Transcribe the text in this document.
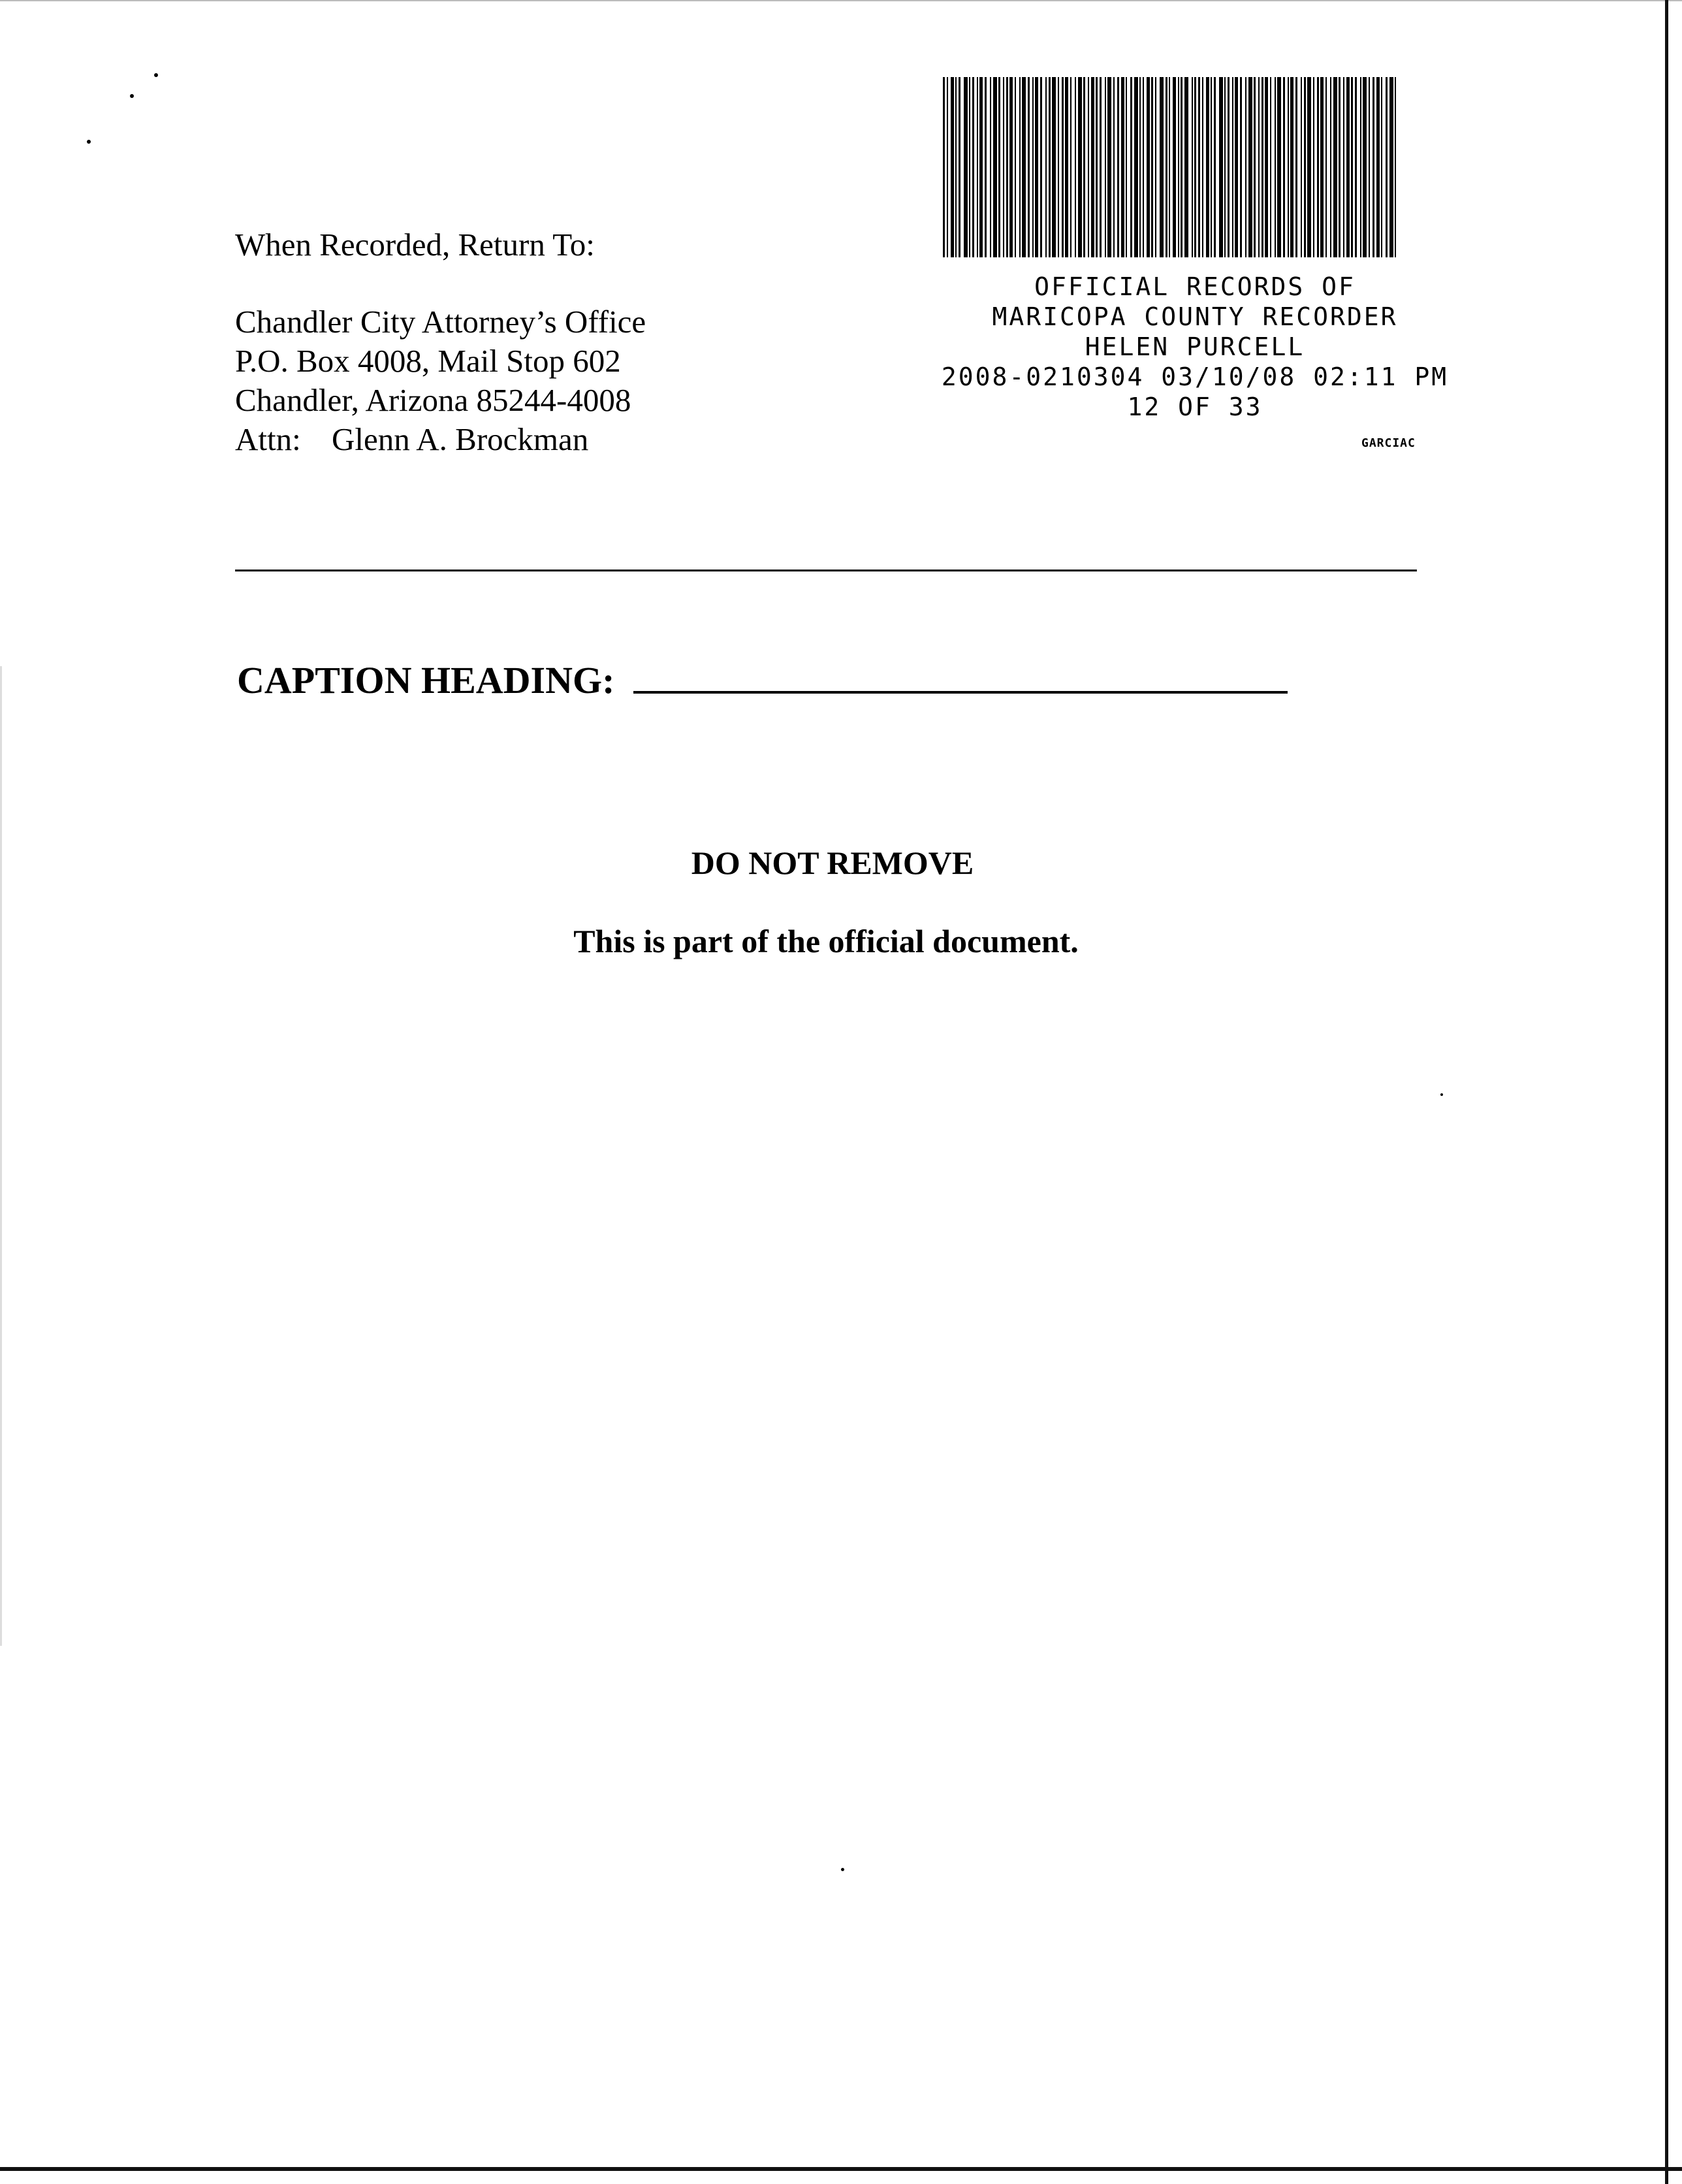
When Recorded, Return To:
Chandler City Attorney’s Office
P.O. Box 4008, Mail Stop 602
Chandler, Arizona 85244-4008
Attn: Glenn A. Brockman
OFFICIAL RECORDS OF
MARICOPA COUNTY RECORDER
HELEN PURCELL
2008-0210304 03/10/08 02:11 PM
12 OF 33
GARCIAC
CAPTION HEADING:
DO NOT REMOVE
This is part of the official document.
